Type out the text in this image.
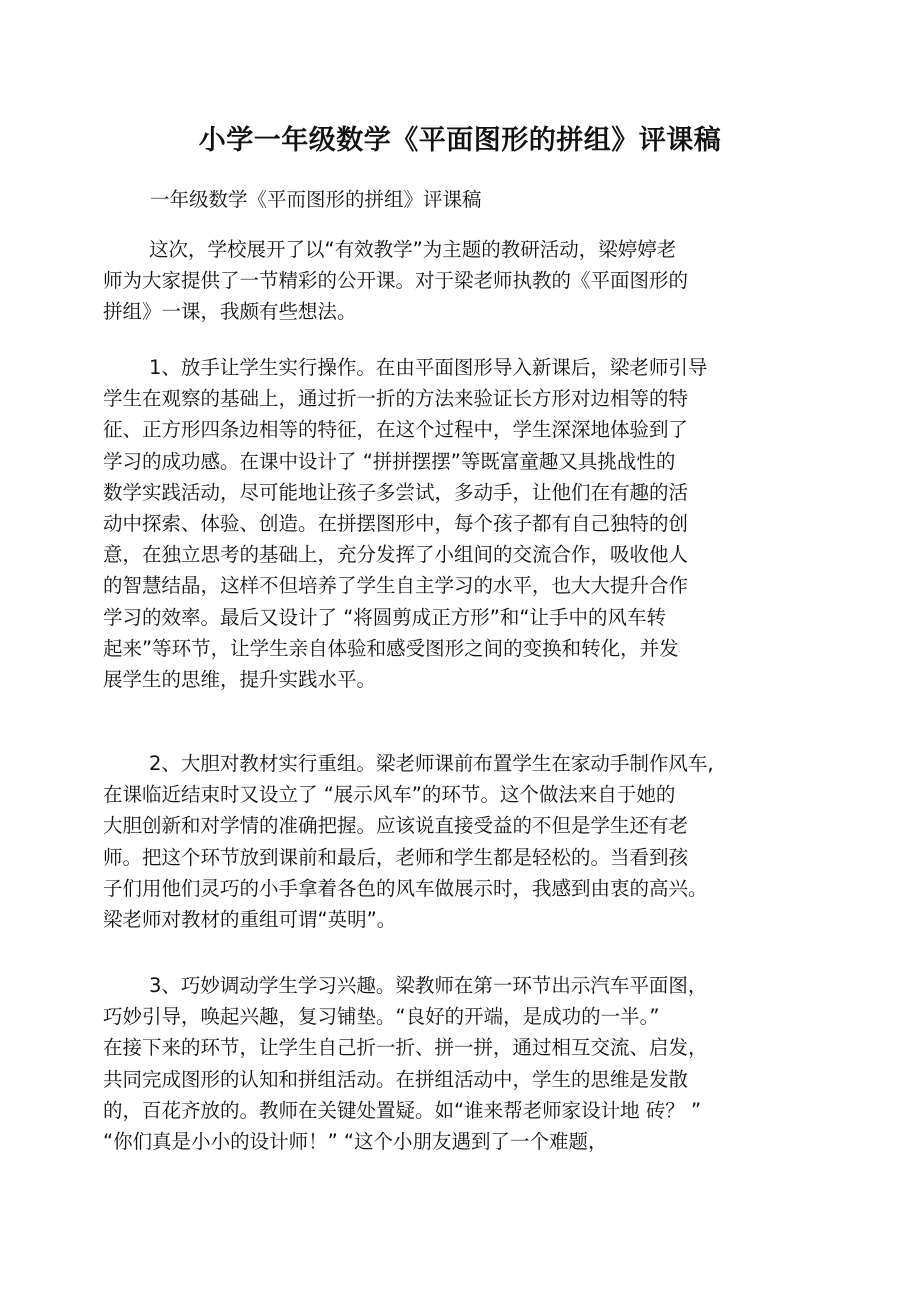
小学一年级数学《平面图形的拼组》评课稿

一年级数学《平而图形的拼组》评课稿

这次，学校展开了以“有效教学”为主题的教研活动，梁婷婷老
师为大家提供了一节精彩的公开课。对于梁老师执教的《平面图形的
拼组》一课，我颇有些想法。

1、放手让学生实行操作。在由平面图形导入新课后，梁老师引导
学生在观察的基础上，通过折一折的方法来验证长方形对边相等的特
征、正方形四条边相等的特征，在这个过程中，学生深深地体验到了
学习的成功感。在课中设计了 “拼拼摆摆”等既富童趣又具挑战性的
数学实践活动，尽可能地让孩子多尝试，多动手，让他们在有趣的活
动中探索、体验、创造。在拼摆图形中，每个孩子都有自己独特的创
意，在独立思考的基础上，充分发挥了小组间的交流合作，吸收他人
的智慧结晶，这样不但培养了学生自主学习的水平，也大大提升合作
学习的效率。最后又设计了 “将圆剪成正方形”和“让手中的风车转
起来”等环节，让学生亲自体验和感受图形之间的变换和转化，并发
展学生的思维，提升实践水平。

2、大胆对教材实行重组。梁老师课前布置学生在家动手制作风车,
在课临近结束时又设立了 “展示风车”的环节。这个做法来自于她的
大胆创新和对学情的准确把握。应该说直接受益的不但是学生还有老
师。把这个环节放到课前和最后，老师和学生都是轻松的。当看到孩
子们用他们灵巧的小手拿着各色的风车做展示时，我感到由衷的高兴。
梁老师对教材的重组可谓“英明”。

3、巧妙调动学生学习兴趣。梁教师在第一环节出示汽车平面图，
巧妙引导，唤起兴趣，复习铺垫。“良好的开端，是成功的一半。”
在接下来的环节，让学生自己折一折、拼一拼，通过相互交流、启发，
共同完成图形的认知和拼组活动。在拼组活动中，学生的思维是发散
的，百花齐放的。教师在关键处置疑。如“谁来帮老师家设计地 砖？ ”
“你们真是小小的设计师！” “这个小朋友遇到了一个难题，
